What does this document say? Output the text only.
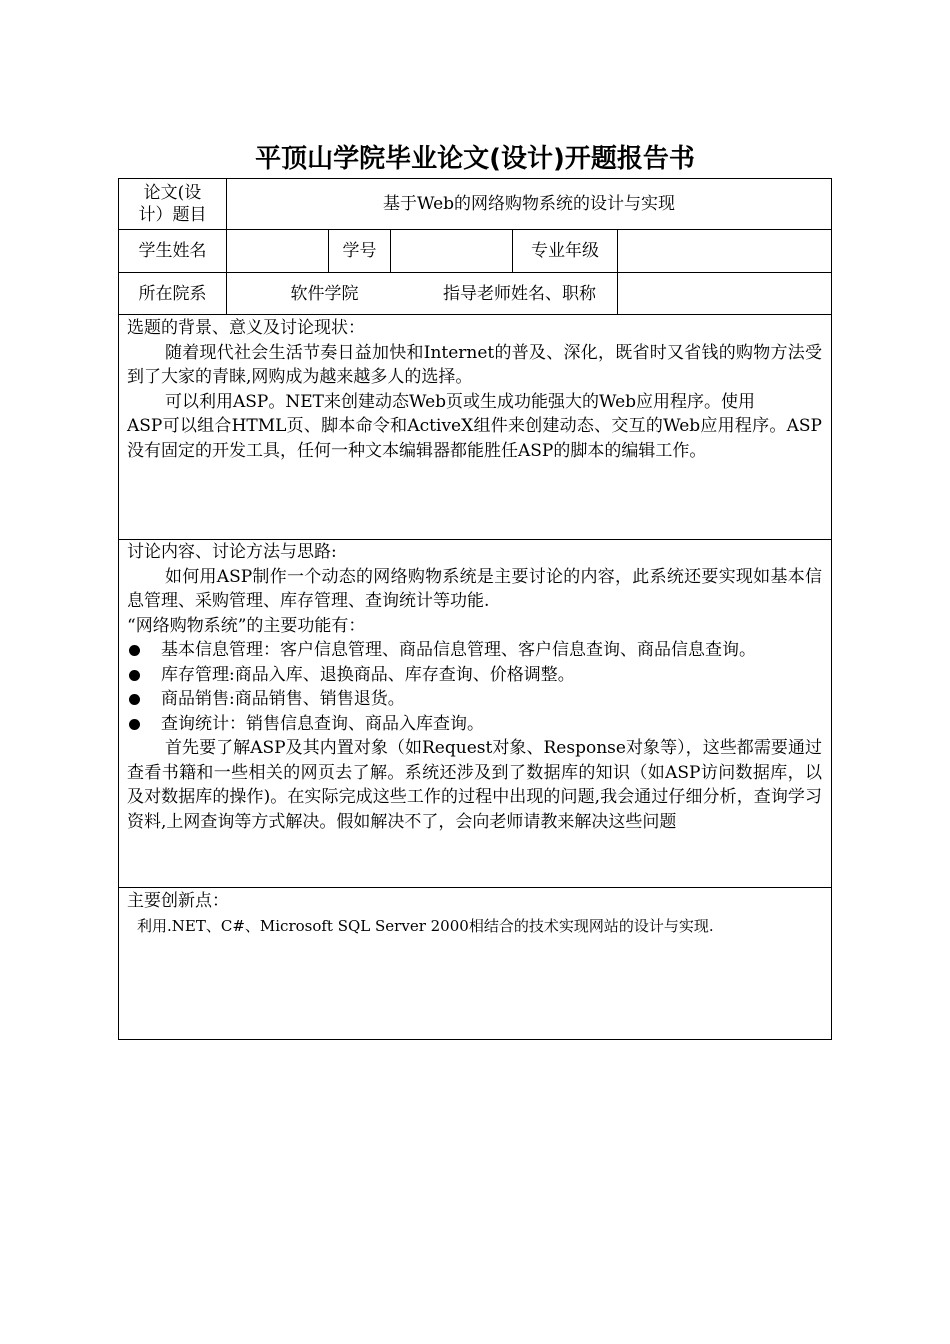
平顶山学院毕业论文(设计)开题报告书
论文(设计）题目
基于Web的网络购物系统的设计与实现
学生姓名	学号	专业年级
所在院系	软件学院	指导老师姓名、职称

选题的背景、意义及讨论现状：

随着现代社会生活节奏日益加快和Internet的普及、深化，既省时又省钱的购物方法受到了大家的青睐,网购成为越来越多人的选择。

可以利用ASP。NET来创建动态Web页或生成功能强大的Web应用程序。使用

ASP可以组合HTML页、脚本命令和ActiveX组件来创建动态、交互的Web应用程序。ASP没有固定的开发工具，任何一种文本编辑器都能胜任ASP的脚本的编辑工作。

讨论内容、讨论方法与思路:

如何用ASP制作一个动态的网络购物系统是主要讨论的内容，此系统还要实现如基本信息管理、采购管理、库存管理、查询统计等功能.

“网络购物系统”的主要功能有：

基本信息管理：客户信息管理、商品信息管理、客户信息查询、商品信息查询。
库存管理:商品入库、退换商品、库存查询、价格调整。
商品销售:商品销售、销售退货。
查询统计：销售信息查询、商品入库查询。

首先要了解ASP及其内置对象（如Request对象、Response对象等），这些都需要通过查看书籍和一些相关的网页去了解。系统还涉及到了数据库的知识（如ASP访问数据库，以及对数据库的操作)。在实际完成这些工作的过程中出现的问题,我会通过仔细分析，查询学习资料,上网查询等方式解决。假如解决不了，会向老师请教来解决这些问题

主要创新点：

利用.NET、C#、Microsoft SQL Server 2000相结合的技术实现网站的设计与实现.
